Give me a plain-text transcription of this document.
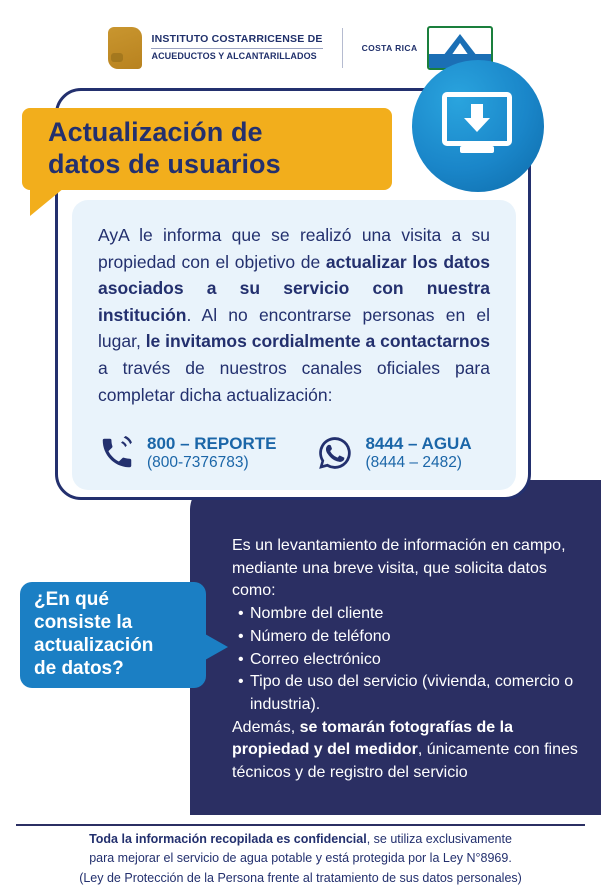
INSTITUTO COSTARRICENSE DE
ACUEDUCTOS Y ALCANTARILLADOS
COSTA RICA
Es un levantamiento de información en campo, mediante una breve visita, que solicita datos como:
• Nombre del cliente
• Número de teléfono
• Correo electrónico
• Tipo de uso del servicio (vivienda, comercio o industria).
Además, se tomarán fotografías de la propiedad y del medidor, únicamente con fines técnicos y de registro del servicio
AyA le informa que se realizó una visita a su propiedad con el objetivo de actualizar los datos asociados a su servicio con nuestra institución. Al no encontrarse personas en el lugar, le invitamos cordialmente a contactarnos a través de nuestros canales oficiales para completar dicha actualización:
Actualización de
datos de usuarios
800 – REPORTE
(800-7376783)
8444 – AGUA
(8444 – 2482)
¿En qué
consiste la
actualización
de datos?
Toda la información recopilada es confidencial, se utiliza exclusivamente
para mejorar el servicio de agua potable y está protegida por la Ley N°8969.
(Ley de Protección de la Persona frente al tratamiento de sus datos personales)
